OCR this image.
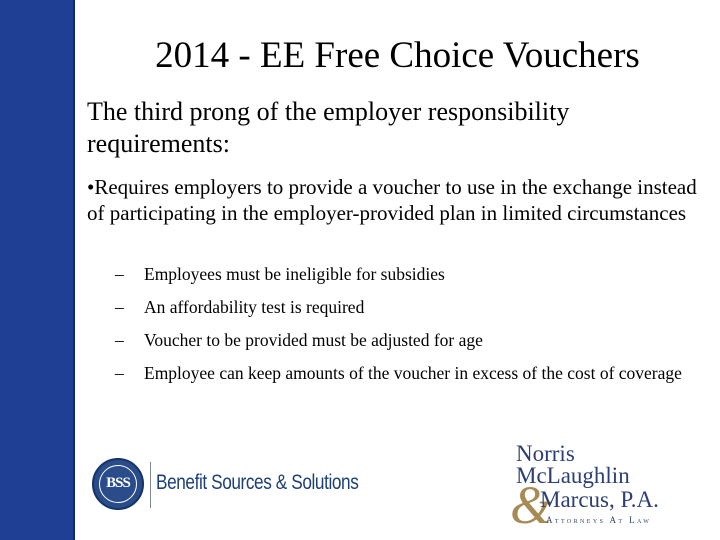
2014 - EE Free Choice Vouchers

The third prong of the employer responsibility requirements:

•Requires employers to provide a voucher to use in the exchange instead of participating in the employer-provided plan in limited circumstances

– Employees must be ineligible for subsidies
– An affordability test is required
– Voucher to be provided must be adjusted for age
– Employee can keep amounts of the voucher in excess of the cost of coverage
BSS	Benefit Sources & Solutions
Norris
McLaughlin
&
Marcus, P.A.
Attorneys At Law
